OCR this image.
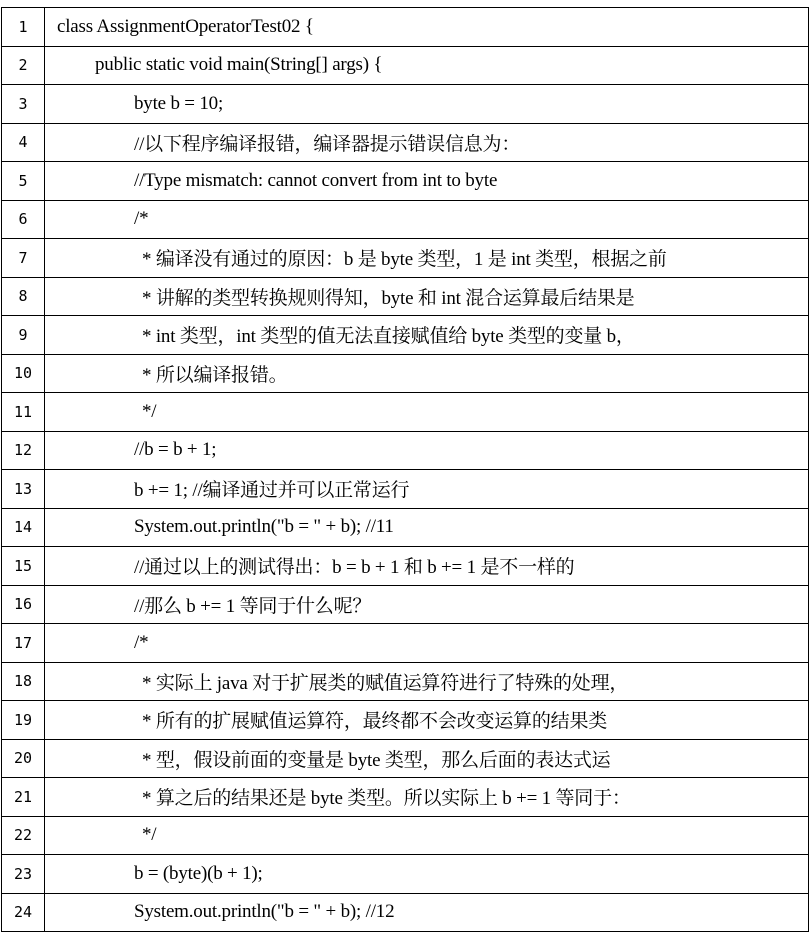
1	class AssignmentOperatorTest02 {
2	public static void main(String[] args) {
3	byte b = 10;
4	//以下程序编译报错，编译器提示错误信息为：
5	//Type mismatch: cannot convert from int to byte
6	/*
7	* 编译没有通过的原因：b 是 byte 类型，1 是 int 类型，根据之前
8	* 讲解的类型转换规则得知，byte 和 int 混合运算最后结果是
9	* int 类型，int 类型的值无法直接赋值给 byte 类型的变量 b，
10	* 所以编译报错。
11	*/
12	//b = b + 1;
13	b += 1; //编译通过并可以正常运行
14	System.out.println("b = " + b); //11
15	//通过以上的测试得出：b = b + 1 和 b += 1 是不一样的
16	//那么 b += 1 等同于什么呢？
17	/*
18	* 实际上 java 对于扩展类的赋值运算符进行了特殊的处理，
19	* 所有的扩展赋值运算符，最终都不会改变运算的结果类
20	* 型，假设前面的变量是 byte 类型，那么后面的表达式运
21	* 算之后的结果还是 byte 类型。所以实际上 b += 1 等同于：
22	*/
23	b = (byte)(b + 1);
24	System.out.println("b = " + b); //12
